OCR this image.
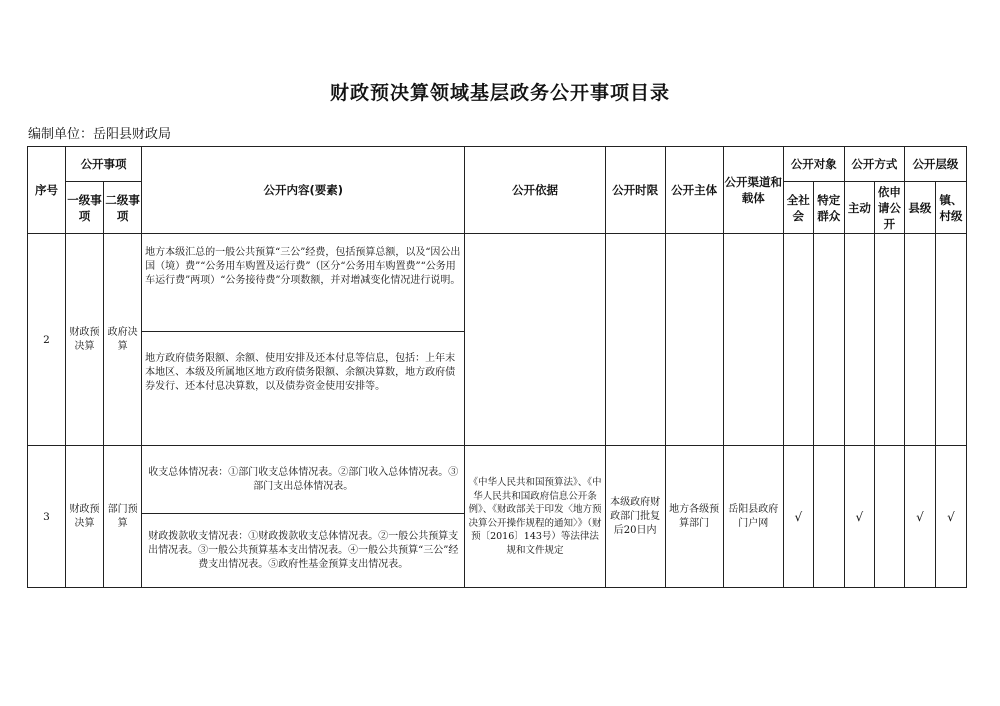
财政预决算领域基层政务公开事项目录
编制单位：岳阳县财政局
序号	公开事项		公开内容(要素)	公开依据	公开时限	公开主体	公开渠道和载体	公开对象		公开方式		公开层级	
	一级事项	二级事项						全社会	特定群众	主动	依申请公开	县级	镇、村级
2	财政预决算	政府决算	地方本级汇总的一般公共预算“三公”经费，包括预算总额，以及“因公出国（境）费”“公务用车购置及运行费”（区分“公务用车购置费”“公务用车运行费”两项）“公务接待费”分项数额，并对增减变化情况进行说明。										
			地方政府债务限额、余额、使用安排及还本付息等信息，包括：上年末本地区、本级及所属地区地方政府债务限额、余额决算数，地方政府债券发行、还本付息决算数，以及债券资金使用安排等。										
3	财政预决算	部门预算	收支总体情况表：①部门收支总体情况表。②部门收入总体情况表。③部门支出总体情况表。	《中华人民共和国预算法》、《中华人民共和国政府信息公开条例》、《财政部关于印发〈地方预决算公开操作规程的通知〉》（财预〔2016〕143号）等法律法规和文件规定	本级政府财政部门批复后20日内	地方各级预算部门	岳阳县政府门户网	√		√		√	√
			财政拨款收支情况表：①财政拨款收支总体情况表。②一般公共预算支出情况表。③一般公共预算基本支出情况表。④一般公共预算“三公”经费支出情况表。⑤政府性基金预算支出情况表。										
